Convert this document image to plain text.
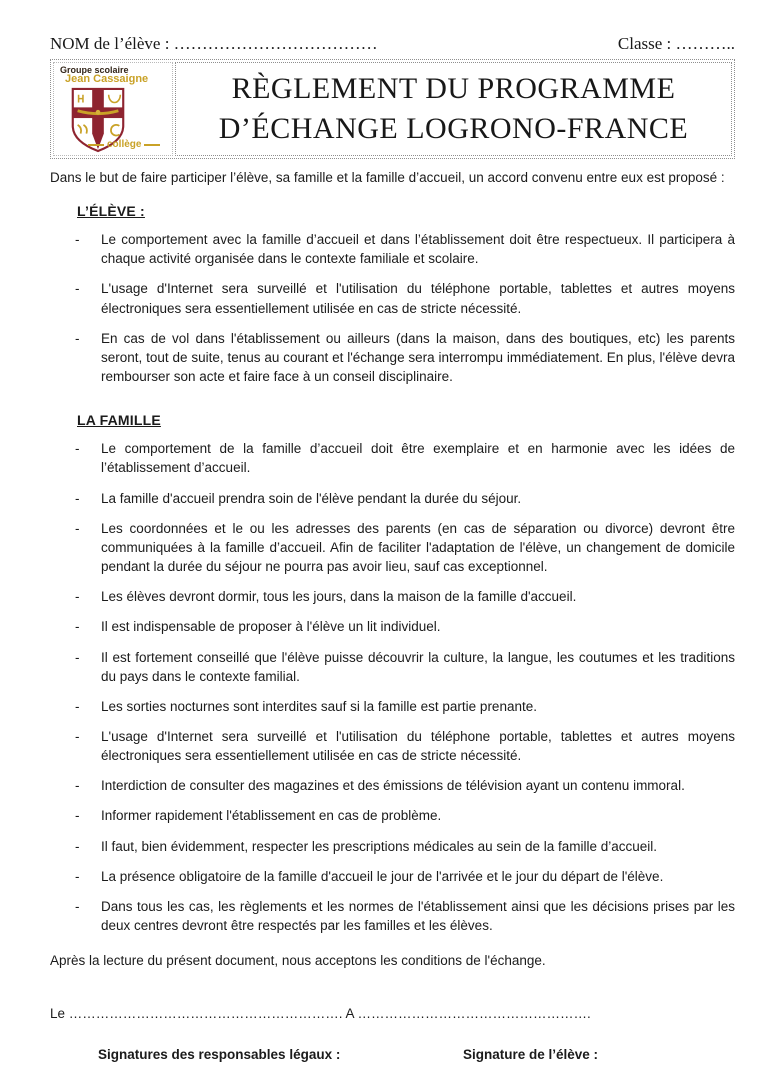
NOM de l’élève : ………………………………	Classe : ………..
Groupe scolaire
Jean Cassaigne
collège
RÈGLEMENT DU PROGRAMME
D’ÉCHANGE LOGRONO-FRANCE

Dans le but de faire participer l’élève, sa famille et la famille d’accueil, un accord convenu entre eux est proposé :

L’ÉLÈVE :
-	Le comportement avec la famille d’accueil et dans l’établissement doit être respectueux. Il participera à chaque activité organisée dans le contexte familiale et scolaire.
-	L'usage d'Internet sera surveillé et l'utilisation du téléphone portable, tablettes et autres moyens électroniques sera essentiellement utilisée en cas de stricte nécessité.
-	En cas de vol dans l'établissement ou ailleurs (dans la maison, dans des boutiques, etc) les parents seront, tout de suite, tenus au courant et l'échange sera interrompu immédiatement. En plus, l'élève devra rembourser son acte et faire face à un conseil disciplinaire.
LA FAMILLE
-	Le comportement de la famille d’accueil doit être exemplaire et en harmonie avec les idées de l’établissement d’accueil.
-	La famille d'accueil prendra soin de l'élève pendant la durée du séjour.
-	Les coordonnées et le ou les adresses des parents (en cas de séparation ou divorce) devront être communiquées à la famille d’accueil. Afin de faciliter l'adaptation de l'élève, un changement de domicile pendant la durée du séjour ne pourra pas avoir lieu, sauf cas exceptionnel.
-	Les élèves devront dormir, tous les jours, dans la maison de la famille d'accueil.
-	Il est indispensable de proposer à l'élève un lit individuel.
-	Il est fortement conseillé que l'élève puisse découvrir la culture, la langue, les coutumes et les traditions du pays dans le contexte familial.
-	Les sorties nocturnes sont interdites sauf si la famille est partie prenante.
-	L'usage d'Internet sera surveillé et l'utilisation du téléphone portable, tablettes et autres moyens électroniques sera essentiellement utilisée en cas de stricte nécessité.
-	Interdiction de consulter des magazines et des émissions de télévision ayant un contenu immoral.
-	Informer rapidement l'établissement en cas de problème.
-	Il faut, bien évidemment, respecter les prescriptions médicales au sein de la famille d’accueil.
-	La présence obligatoire de la famille d'accueil le jour de l'arrivée et le jour du départ de l'élève.
-	Dans tous les cas, les règlements et les normes de l'établissement ainsi que les décisions prises par les deux centres devront être respectés par les familles et les élèves.

Après la lecture du présent document, nous acceptons les conditions de l'échange.

Le ……………………………………………………. A …………………………………………….
Signatures des responsables légaux :	Signature de l’élève :
